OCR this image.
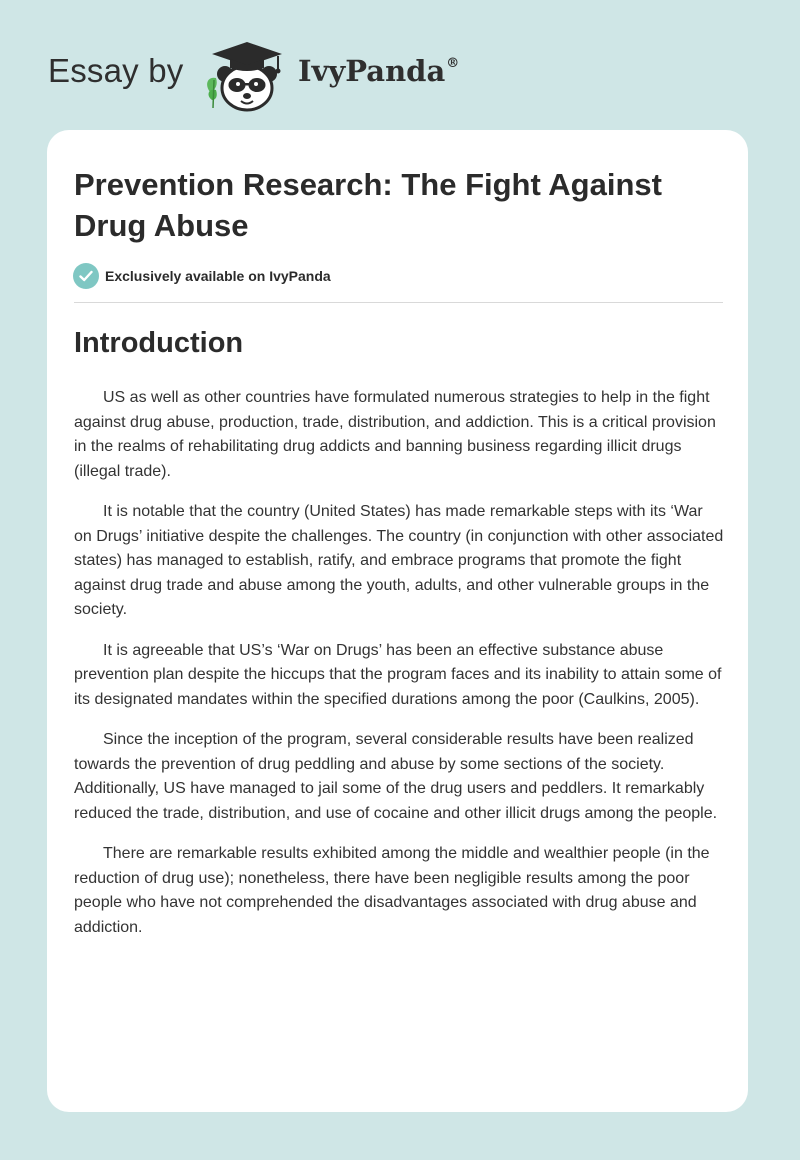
Essay by	IvyPanda®
Prevention Research: The Fight Against Drug Abuse
Exclusively available on IvyPanda
Introduction

US as well as other countries have formulated numerous strategies to help in the fight against drug abuse, production, trade, distribution, and addiction. This is a critical provision in the realms of rehabilitating drug addicts and banning business regarding illicit drugs (illegal trade).

It is notable that the country (United States) has made remarkable steps with its ‘War on Drugs’ initiative despite the challenges. The country (in conjunction with other associated states) has managed to establish, ratify, and embrace programs that promote the fight against drug trade and abuse among the youth, adults, and other vulnerable groups in the society.

It is agreeable that US’s ‘War on Drugs’ has been an effective substance abuse prevention plan despite the hiccups that the program faces and its inability to attain some of its designated mandates within the specified durations among the poor (Caulkins, 2005).

Since the inception of the program, several considerable results have been realized towards the prevention of drug peddling and abuse by some sections of the society. Additionally, US have managed to jail some of the drug users and peddlers. It remarkably reduced the trade, distribution, and use of cocaine and other illicit drugs among the people.

There are remarkable results exhibited among the middle and wealthier people (in the reduction of drug use); nonetheless, there have been negligible results among the poor people who have not comprehended the disadvantages associated with drug abuse and addiction.
